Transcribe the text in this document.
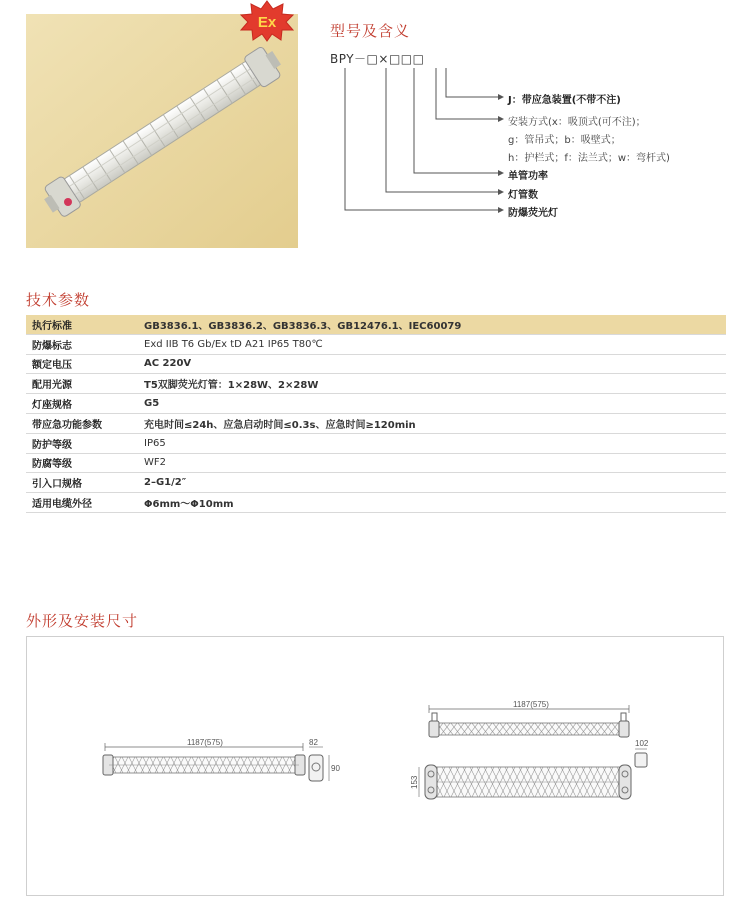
Ex	型号及含义
BPY－□×□□□
J：带应急装置(不带不注)
安装方式(x：吸顶式(可不注)；
g：管吊式；b：吸壁式；
h：护栏式；f：法兰式；w：弯杆式)
单管功率
灯管数
防爆荧光灯
技术参数
执行标准	GB3836.1、GB3836.2、GB3836.3、GB12476.1、IEC60079
防爆标志	Exd IIB T6 Gb/Ex tD A21 IP65 T80℃
额定电压	AC 220V
配用光源	T5双脚荧光灯管：1×28W、2×28W
灯座规格	G5
带应急功能参数	充电时间≤24h、应急启动时间≤0.3s、应急时间≥120min
防护等级	IP65
防腐等级	WF2
引入口规格	2–G1/2″
适用电缆外径	Φ6mm～Φ10mm
外形及安装尺寸
1187(575)	82
90
1187(575)
102
153
